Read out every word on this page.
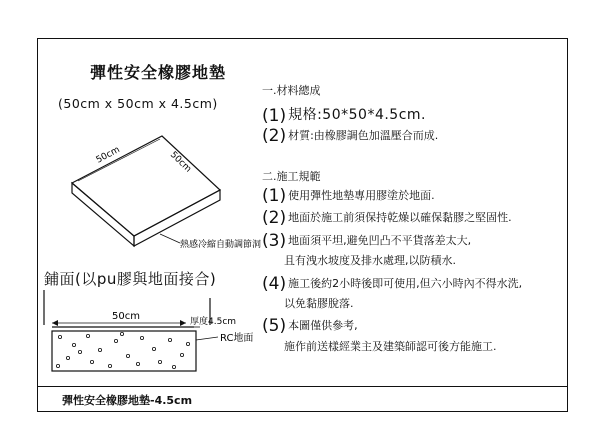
彈性安全橡膠地墊
(50cm x 50cm x 4.5cm)
50cm	50cm
熱感冷縮自動調節洞
50cm	厚度4.5cm
RC地面
鋪面(以pu膠與地面接合)
一.材料總成
(1) 規格:50*50*4.5cm.
(2) 材質:由橡膠調色加溫壓合而成.
二.施工規範
(1) 使用彈性地墊專用膠塗於地面.
(2) 地面於施工前須保持乾燥以確保黏膠之堅固性.
(3) 地面須平坦,避免凹凸不平貨落差太大,
且有洩水坡度及排水處理,以防積水.
(4) 施工後約2小時後即可使用,但六小時內不得水洗,
以免黏膠脫落.
(5) 本圖僅供參考,
施作前送樣經業主及建築師認可後方能施工.
彈性安全橡膠地墊-4.5cm
